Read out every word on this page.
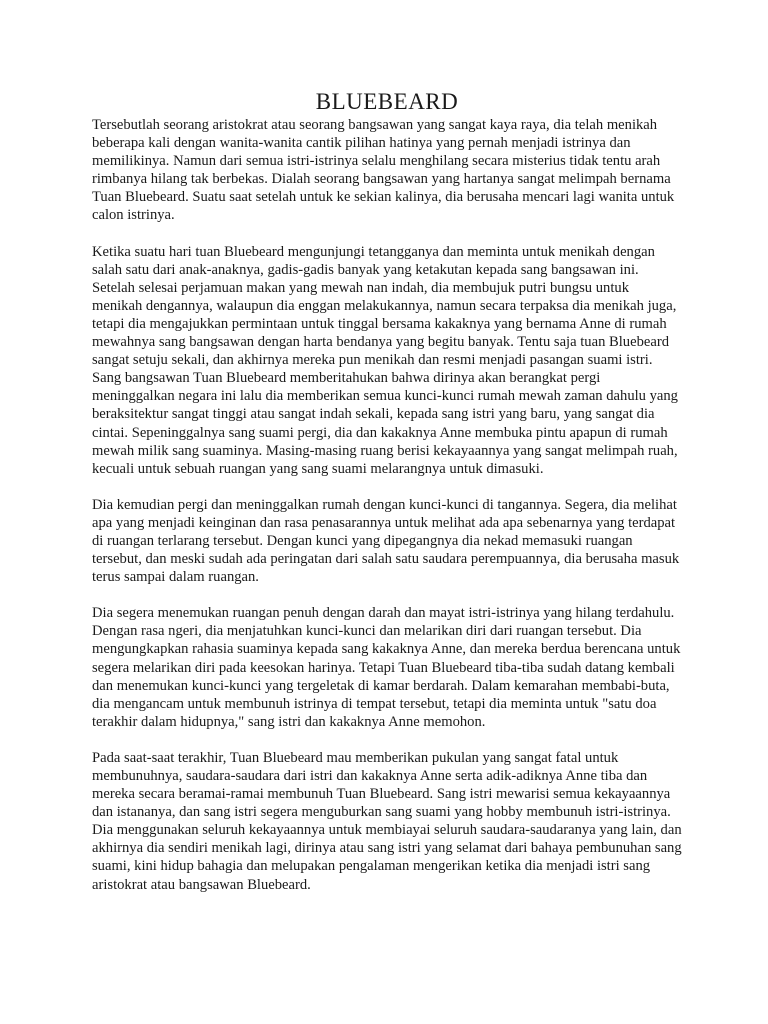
BLUEBEARD

Tersebutlah seorang aristokrat atau seorang bangsawan yang sangat kaya raya, dia telah menikah beberapa kali dengan wanita-wanita cantik pilihan hatinya yang pernah menjadi istrinya dan memilikinya. Namun dari semua istri-istrinya selalu menghilang secara misterius tidak tentu arah rimbanya hilang tak berbekas. Dialah seorang bangsawan yang hartanya sangat melimpah bernama Tuan Bluebeard. Suatu saat setelah untuk ke sekian kalinya, dia berusaha mencari lagi wanita untuk calon istrinya.

Ketika suatu hari tuan Bluebeard mengunjungi tetangganya dan meminta untuk menikah dengan salah satu dari anak-anaknya, gadis-gadis banyak yang ketakutan kepada sang bangsawan ini. Setelah selesai perjamuan makan yang mewah nan indah, dia membujuk putri bungsu untuk menikah dengannya, walaupun dia enggan melakukannya, namun secara terpaksa dia menikah juga, tetapi dia mengajukkan permintaan untuk tinggal bersama kakaknya yang bernama Anne di rumah mewahnya sang bangsawan dengan harta bendanya yang begitu banyak. Tentu saja tuan Bluebeard sangat setuju sekali, dan akhirnya mereka pun menikah dan resmi menjadi pasangan suami istri.

Sang bangsawan Tuan Bluebeard memberitahukan bahwa dirinya akan berangkat pergi meninggalkan negara ini lalu dia memberikan semua kunci-kunci rumah mewah zaman dahulu yang beraksitektur sangat tinggi atau sangat indah sekali, kepada sang istri yang baru, yang sangat dia cintai. Sepeninggalnya sang suami pergi, dia dan kakaknya Anne membuka pintu apapun di rumah mewah milik sang suaminya. Masing-masing ruang berisi kekayaannya yang sangat melimpah ruah, kecuali untuk sebuah ruangan yang sang suami melarangnya untuk dimasuki.

Dia kemudian pergi dan meninggalkan rumah dengan kunci-kunci di tangannya. Segera, dia melihat apa yang menjadi keinginan dan rasa penasarannya untuk melihat ada apa sebenarnya yang terdapat di ruangan terlarang tersebut. Dengan kunci yang dipegangnya dia nekad memasuki ruangan tersebut, dan meski sudah ada peringatan dari salah satu saudara perempuannya, dia berusaha masuk terus sampai dalam ruangan.

Dia segera menemukan ruangan penuh dengan darah dan mayat istri-istrinya yang hilang terdahulu. Dengan rasa ngeri, dia menjatuhkan kunci-kunci dan melarikan diri dari ruangan tersebut. Dia mengungkapkan rahasia suaminya kepada sang kakaknya Anne, dan mereka berdua berencana untuk segera melarikan diri pada keesokan harinya. Tetapi Tuan Bluebeard tiba-tiba sudah datang kembali dan menemukan kunci-kunci yang tergeletak di kamar berdarah. Dalam kemarahan membabi-buta, dia mengancam untuk membunuh istrinya di tempat tersebut, tetapi dia meminta untuk "satu doa terakhir dalam hidupnya," sang istri dan kakaknya Anne memohon.

Pada saat-saat terakhir, Tuan Bluebeard mau memberikan pukulan yang sangat fatal untuk membunuhnya, saudara-saudara dari istri dan kakaknya Anne serta adik-adiknya Anne tiba dan mereka secara beramai-ramai membunuh Tuan Bluebeard. Sang istri mewarisi semua kekayaannya dan istananya, dan sang istri segera menguburkan sang suami yang hobby membunuh istri-istrinya. Dia menggunakan seluruh kekayaannya untuk membiayai seluruh saudara-saudaranya yang lain, dan akhirnya dia sendiri menikah lagi, dirinya atau sang istri yang selamat dari bahaya pembunuhan sang suami, kini hidup bahagia dan melupakan pengalaman mengerikan ketika dia menjadi istri sang aristokrat atau bangsawan Bluebeard.
